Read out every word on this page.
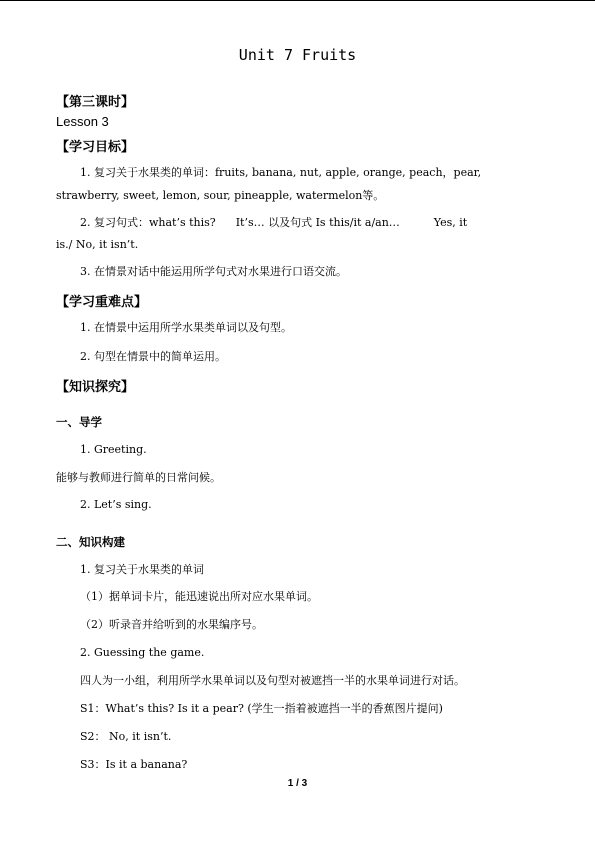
Unit 7 Fruits
【第三课时】
Lesson 3
【学习目标】
1. 复习关于水果类的单词：fruits, banana, nut, apple, orange, peach，pear,
strawberry, sweet, lemon, sour, pineapple, watermelon等。
2. 复习句式：what’s this? It’s… 以及句式 Is this/it a/an…	Yes, it
is./ No, it isn’t.
3. 在情景对话中能运用所学句式对水果进行口语交流。
【学习重难点】
1. 在情景中运用所学水果类单词以及句型。
2. 句型在情景中的简单运用。
【知识探究】
一、导学
1. Greeting.
能够与教师进行简单的日常问候。
2. Let’s sing.
二、知识构建
1. 复习关于水果类的单词
（1）据单词卡片，能迅速说出所对应水果单词。
（2）听录音并给听到的水果编序号。
2. Guessing the game.
四人为一小组，利用所学水果单词以及句型对被遮挡一半的水果单词进行对话。
S1：What’s this? Is it a pear? (学生一指着被遮挡一半的香蕉图片提问)
S2： No, it isn’t.
S3：Is it a banana?
1 / 3
